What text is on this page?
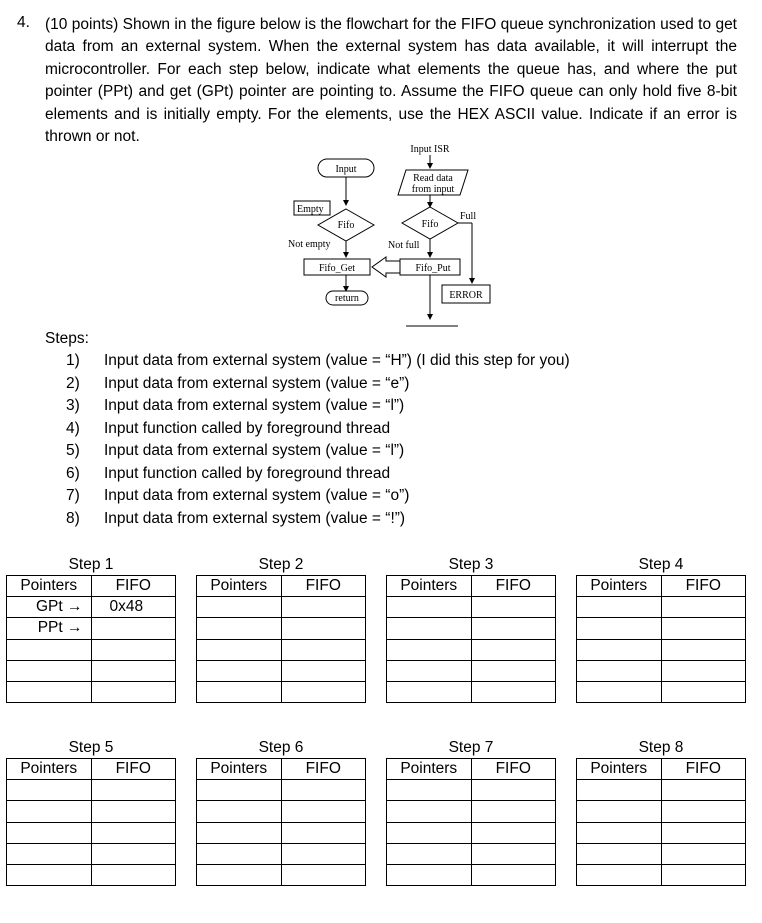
4. (10 points) Shown in the figure below is the flowchart for the FIFO queue synchronization used to get data from an external system. When the external system has data available, it will interrupt the microcontroller. For each step below, indicate what elements the queue has, and where the put pointer (PPt) and get (GPt) pointer are pointing to. Assume the FIFO queue can only hold five 8-bit elements and is initially empty. For the elements, use the HEX ASCII value. Indicate if an error is thrown or not.
Input
Input ISR
Read data
from input
Empty
Fifo	Fifo
Full
Not empty	Not full
Fifo_Get	Fifo_Put
ERROR
return
Steps:
1) Input data from external system (value = “H”) (I did this step for you)
2) Input data from external system (value = “e”)
3) Input data from external system (value = “l”)
4) Input function called by foreground thread
5) Input data from external system (value = “l”)
6) Input function called by foreground thread
7) Input data from external system (value = “o”)
8) Input data from external system (value = “!”)
Step 1
Pointers	FIFO
GPt →	0x48
PPt →	

Step 2
Pointers	FIFO

Step 3
Pointers	FIFO

Step 4
Pointers	FIFO

Step 5
Pointers	FIFO

Step 6
Pointers	FIFO

Step 7
Pointers	FIFO

Step 8
Pointers	FIFO
